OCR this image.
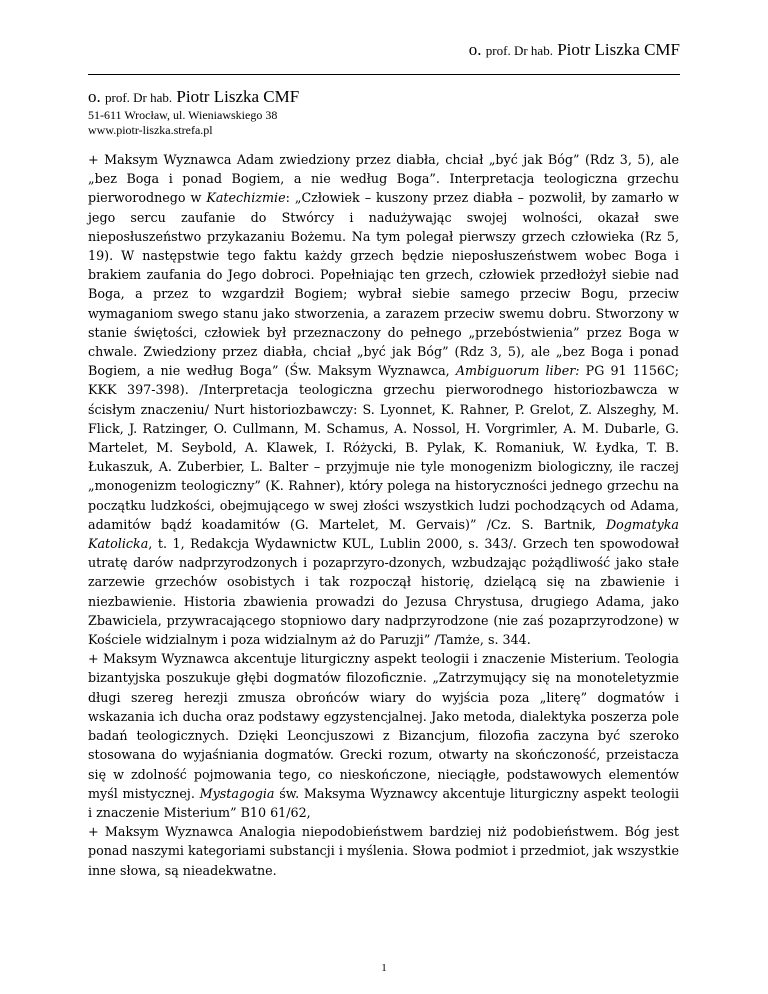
o. prof. Dr hab. Piotr Liszka CMF
o. prof. Dr hab. Piotr Liszka CMF
51-611 Wrocław, ul. Wieniawskiego 38
www.piotr-liszka.strefa.pl

+ Maksym Wyznawca Adam zwiedziony przez diabła, chciał „być jak Bóg” (Rdz 3, 5), ale „bez Boga i ponad Bogiem, a nie według Boga”. Interpretacja teologiczna grzechu pierworodnego w Katechizmie: „Człowiek – kuszony przez diabła – pozwolił, by zamarło w jego sercu zaufanie do Stwórcy i nadużywając swojej wolności, okazał swe nieposłuszeństwo przykazaniu Bożemu. Na tym polegał pierwszy grzech człowieka (Rz 5, 19). W następstwie tego faktu każdy grzech będzie nieposłuszeństwem wobec Boga i brakiem zaufania do Jego dobroci. Popełniając ten grzech, człowiek przedłożył siebie nad Boga, a przez to wzgardził Bogiem; wybrał siebie samego przeciw Bogu, przeciw wymaganiom swego stanu jako stworzenia, a zarazem przeciw swemu dobru. Stworzony w stanie świętości, człowiek był przeznaczony do pełnego „przebóstwienia” przez Boga w chwale. Zwiedziony przez diabła, chciał „być jak Bóg” (Rdz 3, 5), ale „bez Boga i ponad Bogiem, a nie według Boga” (Św. Maksym Wyznawca, Ambiguorum liber: PG 91 1156C; KKK 397-398). /Interpretacja teologiczna grzechu pierworodnego historiozbawcza w ścisłym znaczeniu/ Nurt historiozbawczy: S. Lyonnet, K. Rahner, P. Grelot, Z. Alszeghy, M. Flick, J. Ratzinger, O. Cullmann, M. Schamus, A. Nossol, H. Vorgrimler, A. M. Dubarle, G. Martelet, M. Seybold, A. Klawek, I. Różycki, B. Pylak, K. Romaniuk, W. Łydka, T. B. Łukaszuk, A. Zuberbier, L. Balter – przyjmuje nie tyle monogenizm biologiczny, ile raczej „monogenizm teologiczny” (K. Rahner), który polega na historyczności jednego grzechu na początku ludzkości, obejmującego w swej złości wszystkich ludzi pochodzących od Adama, adamitów bądź koadamitów (G. Martelet, M. Gervais)” /Cz. S. Bartnik, Dogmatyka Katolicka, t. 1, Redakcja Wydawnictw KUL, Lublin 2000, s. 343/. Grzech ten spowodował utratę darów nadprzyrodzonych i pozaprzyro-dzonych, wzbudzając pożądliwość jako stałe zarzewie grzechów osobistych i tak rozpoczął historię, dzielącą się na zbawienie i niezbawienie. Historia zbawienia prowadzi do Jezusa Chrystusa, drugiego Adama, jako Zbawiciela, przywracającego stopniowo dary nadprzyrodzone (nie zaś pozaprzyrodzone) w Kościele widzialnym i poza widzialnym aż do Paruzji” /Tamże, s. 344.

+ Maksym Wyznawca akcentuje liturgiczny aspekt teologii i znaczenie Misterium. Teologia bizantyjska poszukuje głębi dogmatów filozoficznie. „Zatrzymujący się na monoteletyzmie długi szereg herezji zmusza obrońców wiary do wyjścia poza „literę” dogmatów i wskazania ich ducha oraz podstawy egzystencjalnej. Jako metoda, dialektyka poszerza pole badań teologicznych. Dzięki Leoncjuszowi z Bizancjum, filozofia zaczyna być szeroko stosowana do wyjaśniania dogmatów. Grecki rozum, otwarty na skończoność, przeistacza się w zdolność pojmowania tego, co nieskończone, nieciągłe, podstawowych elementów myśl mistycznej. Mystagogia św. Maksyma Wyznawcy akcentuje liturgiczny aspekt teologii i znaczenie Misterium” B10 61/62,

+ Maksym Wyznawca Analogia niepodobieństwem bardziej niż podobieństwem. Bóg jest ponad naszymi kategoriami substancji i myślenia. Słowa podmiot i przedmiot, jak wszystkie inne słowa, są nieadekwatne.

1
